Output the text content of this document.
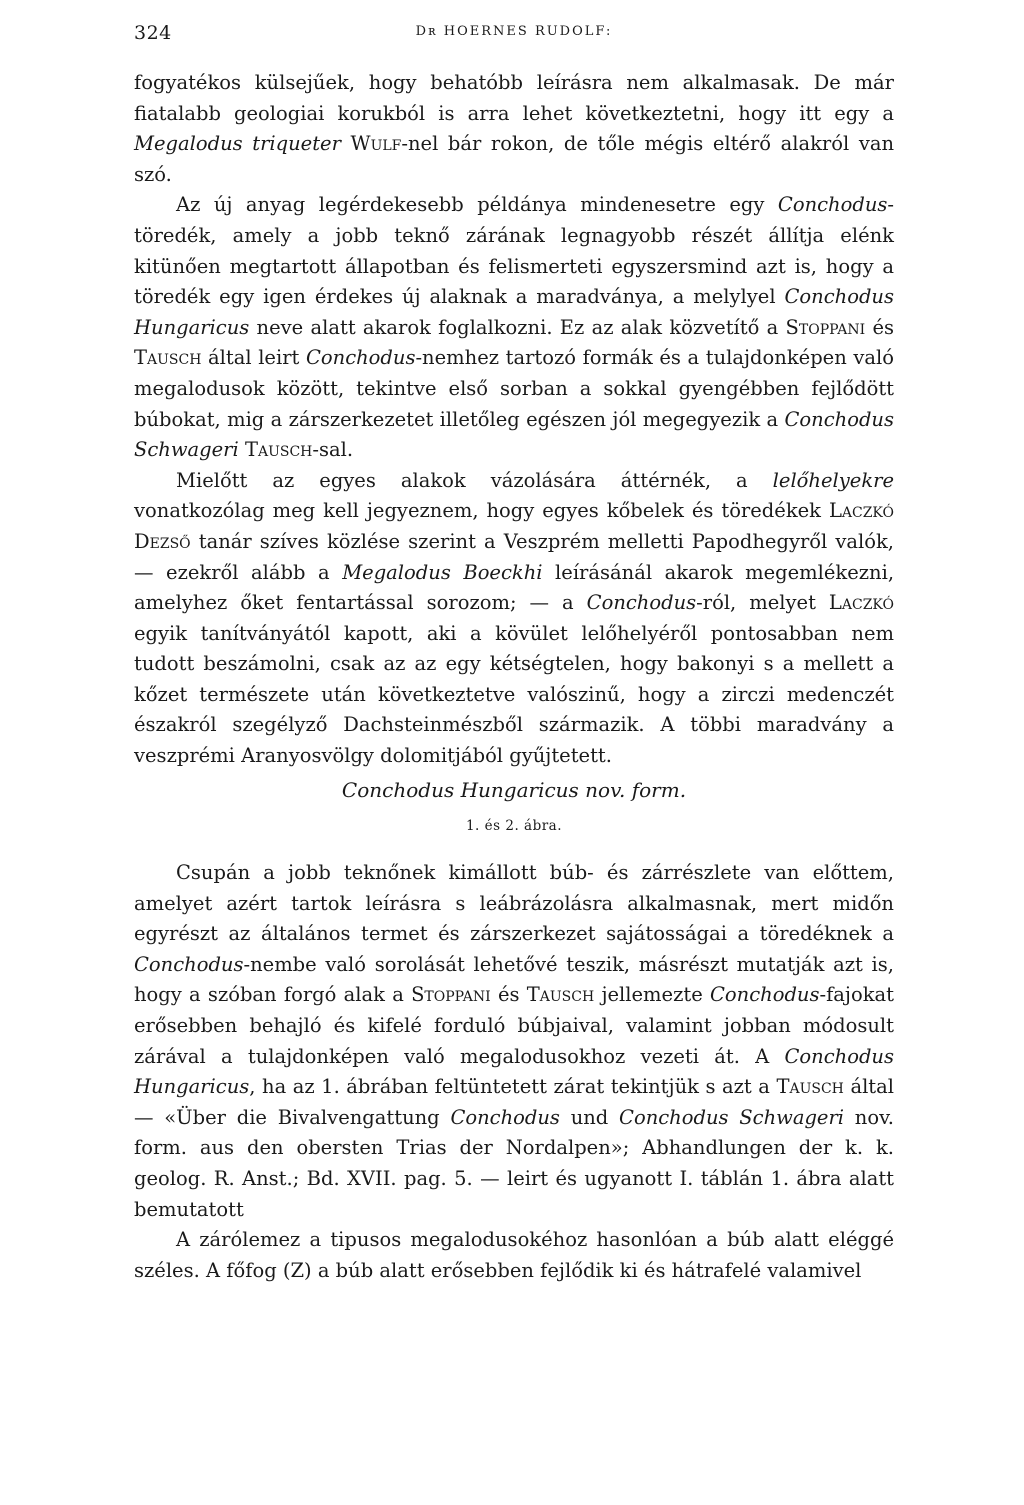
324	Dʀ HOERNES RUDOLF:

fogyatékos külsejűek, hogy behatóbb leírásra nem alkalmasak. De már fiatalabb geologiai korukból is arra lehet következtetni, hogy itt egy a Megalodus triqueter Wulf-nel bár rokon, de tőle mégis eltérő alakról van szó.

Az új anyag legérdekesebb példánya mindenesetre egy Conchodus-töredék, amely a jobb teknő zárának legnagyobb részét állítja elénk kitünően megtartott állapotban és felismerteti egyszersmind azt is, hogy a töredék egy igen érdekes új alaknak a maradványa, a melylyel Conchodus Hungaricus neve alatt akarok foglalkozni. Ez az alak közvetítő a Stoppani és Tausch által leirt Conchodus-nemhez tartozó formák és a tulajdonképen való megalodusok között, tekintve első sorban a sokkal gyengébben fejlődött búbokat, mig a zárszerkezetet illetőleg egészen jól megegyezik a Conchodus Schwageri Tausch-sal.

Mielőtt az egyes alakok vázolására áttérnék, a lelőhelyekre vonatkozólag meg kell jegyeznem, hogy egyes kőbelek és töredékek Laczkó Dezső tanár szíves közlése szerint a Veszprém melletti Papodhegyről valók, — ezekről alább a Megalodus Boeckhi leírásánál akarok megemlékezni, amelyhez őket fentartással sorozom; — a Conchodus-ról, melyet Laczkó egyik tanítványától kapott, aki a kövület lelőhelyéről pontosabban nem tudott beszámolni, csak az az egy kétségtelen, hogy bakonyi s a mellett a kőzet természete után következtetve valószinű, hogy a zirczi medenczét északról szegélyző Dachsteinmészből származik. A többi maradvány a veszprémi Aranyosvölgy dolomitjából gyűjtetett.

Conchodus Hungaricus nov. form.
1. és 2. ábra.

Csupán a jobb teknőnek kimállott búb- és zárrészlete van előttem, amelyet azért tartok leírásra s leábrázolásra alkalmasnak, mert midőn egyrészt az általános termet és zárszerkezet sajátosságai a töredéknek a Conchodus-nembe való sorolását lehetővé teszik, másrészt mutatják azt is, hogy a szóban forgó alak a Stoppani és Tausch jellemezte Conchodus-fajokat erősebben behajló és kifelé forduló búbjaival, valamint jobban módosult zárával a tulajdonképen való megalodusokhoz vezeti át. A Conchodus Hungaricus, ha az 1. ábrában feltüntetett zárat tekintjük s azt a Tausch által — «Über die Bivalvengattung Conchodus und Conchodus Schwageri nov. form. aus den obersten Trias der Nordalpen»; Abhandlungen der k. k. geolog. R. Anst.; Bd. XVII. pag. 5. — leirt és ugyanott I. táblán 1. ábra alatt bemutatott

A zárólemez a tipusos megalodusokéhoz hasonlóan a búb alatt eléggé széles. A főfog (Z) a búb alatt erősebben fejlődik ki és hátrafelé valamivel
